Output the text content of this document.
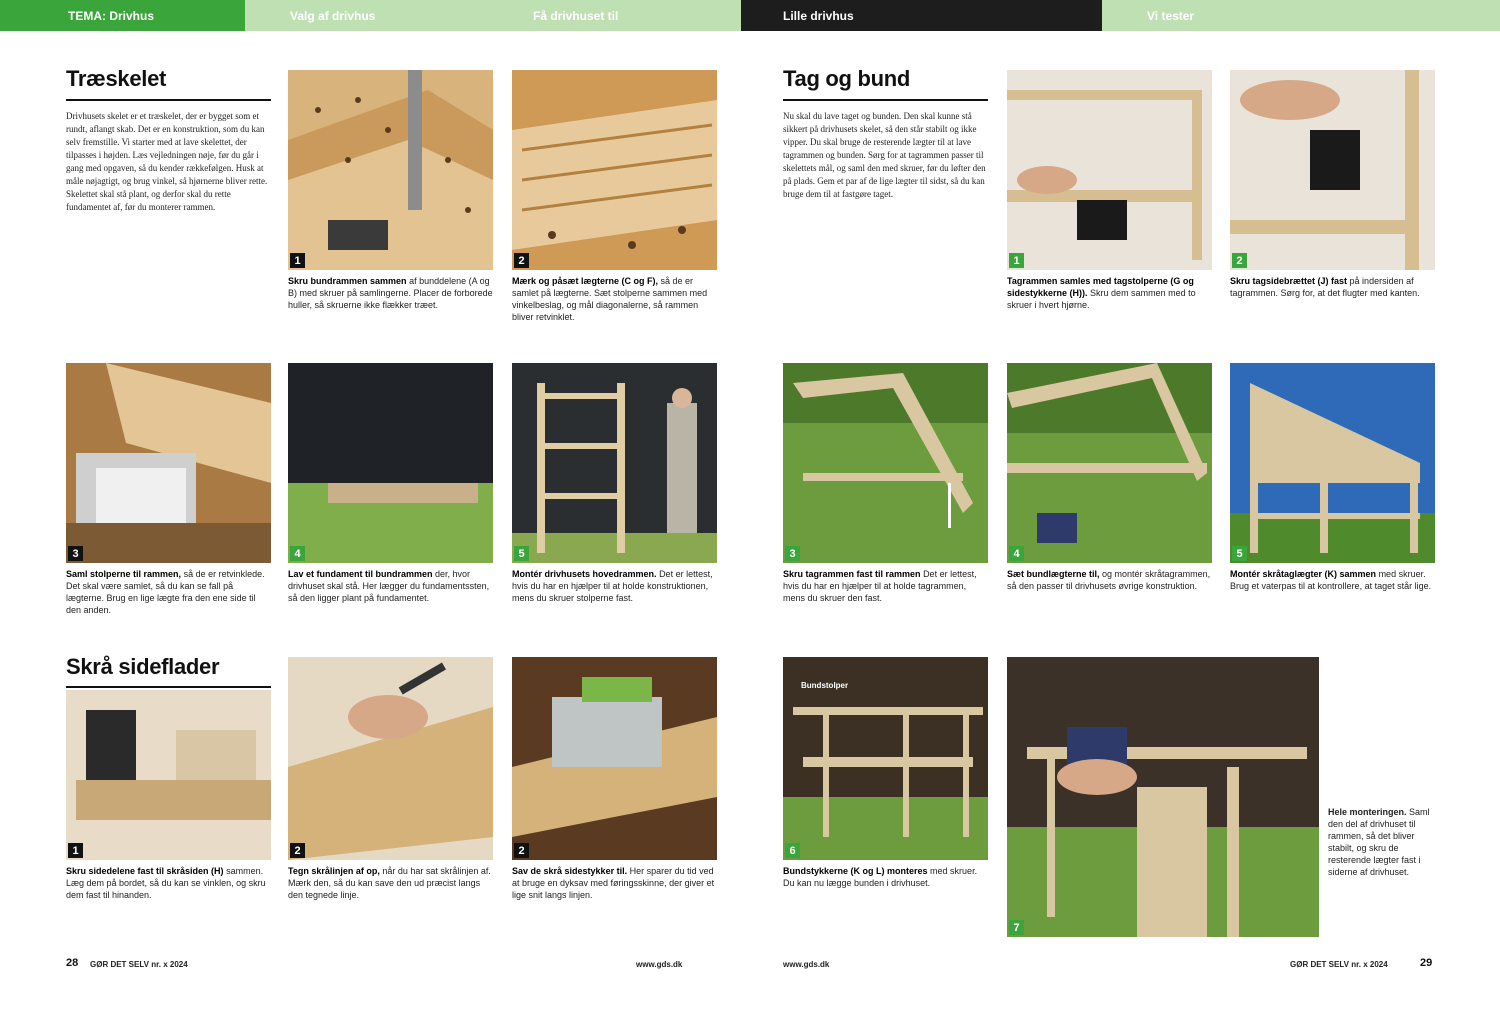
TEMA: Drivhus	Valg af drivhus	Få drivhuset til	Lille drivhus	Vi tester
Træskelet
Drivhusets skelet er et træskelet, der er bygget som et rundt, aflangt skab. Det er en konstruktion, som du kan selv fremstille. Vi starter med at lave skelettet, der tilpasses i højden. Læs vejledningen nøje, før du går i gang med opgaven, så du kender rækkefølgen. Husk at måle nøjagtigt, og brug vinkel, så hjørnerne bliver rette. Skelettet skal stå plant, og derfor skal du rette fundamentet af, før du monterer rammen.
1
Skru bundrammen sammen af bunddelene (A og B) med skruer på samlingerne. Placer de forborede huller, så skruerne ikke flækker træet.
2
Mærk og påsæt lægterne (C og F), så de er samlet på lægterne. Sæt stolperne sammen med vinkelbeslag, og mål diagonalerne, så rammen bliver retvinklet.
3
Saml stolperne til rammen, så de er retvinklede. Det skal være samlet, så du kan se fall på lægterne. Brug en lige lægte fra den ene side til den anden.
4
Lav et fundament til bundrammen der, hvor drivhuset skal stå. Her lægger du fundamentssten, så den ligger plant på fundamentet.
5
Montér drivhusets hovedrammen. Det er lettest, hvis du har en hjælper til at holde konstruktionen, mens du skruer stolperne fast.
Skrå sideflader
1
Skru sidedelene fast til skråsiden (H) sammen. Læg dem på bordet, så du kan se vinklen, og skru dem fast til hinanden.
2
Tegn skrålinjen af op, når du har sat skrålinjen af. Mærk den, så du kan save den ud præcist langs den tegnede linje.
2
Sav de skrå sidestykker til. Her sparer du tid ved at bruge en dyksav med føringsskinne, der giver et lige snit langs linjen.
28 GØR DET SELV nr. x 2024	www.gds.dk
Tag og bund
Nu skal du lave taget og bunden. Den skal kunne stå sikkert på drivhusets skelet, så den står stabilt og ikke vipper. Du skal bruge de resterende lægter til at lave tagrammen og bunden. Sørg for at tagrammen passer til skelettets mål, og saml den med skruer, før du løfter den på plads. Gem et par af de lige lægter til sidst, så du kan bruge dem til at fastgøre taget.
1
Tagrammen samles med tagstolperne (G og sidestykkerne (H)). Skru dem sammen med to skruer i hvert hjørne.
2
Skru tagsidebrættet (J) fast på indersiden af tagrammen. Sørg for, at det flugter med kanten.
3
Skru tagrammen fast til rammen Det er lettest, hvis du har en hjælper til at holde tagrammen, mens du skruer den fast.
4
Sæt bundlægterne til, og montér skråtagrammen, så den passer til drivhusets øvrige konstruktion.
5
Montér skråtaglægter (K) sammen med skruer. Brug et vaterpas til at kontrollere, at taget står lige.
6
Bundstolper
Bundstykkerne (K og L) monteres med skruer. Du kan nu lægge bunden i drivhuset.
7
Hele monteringen. Saml den del af drivhuset til rammen, så det bliver stabilt, og skru de resterende lægter fast i siderne af drivhuset.
www.gds.dk	GØR DET SELV nr. x 2024	29
